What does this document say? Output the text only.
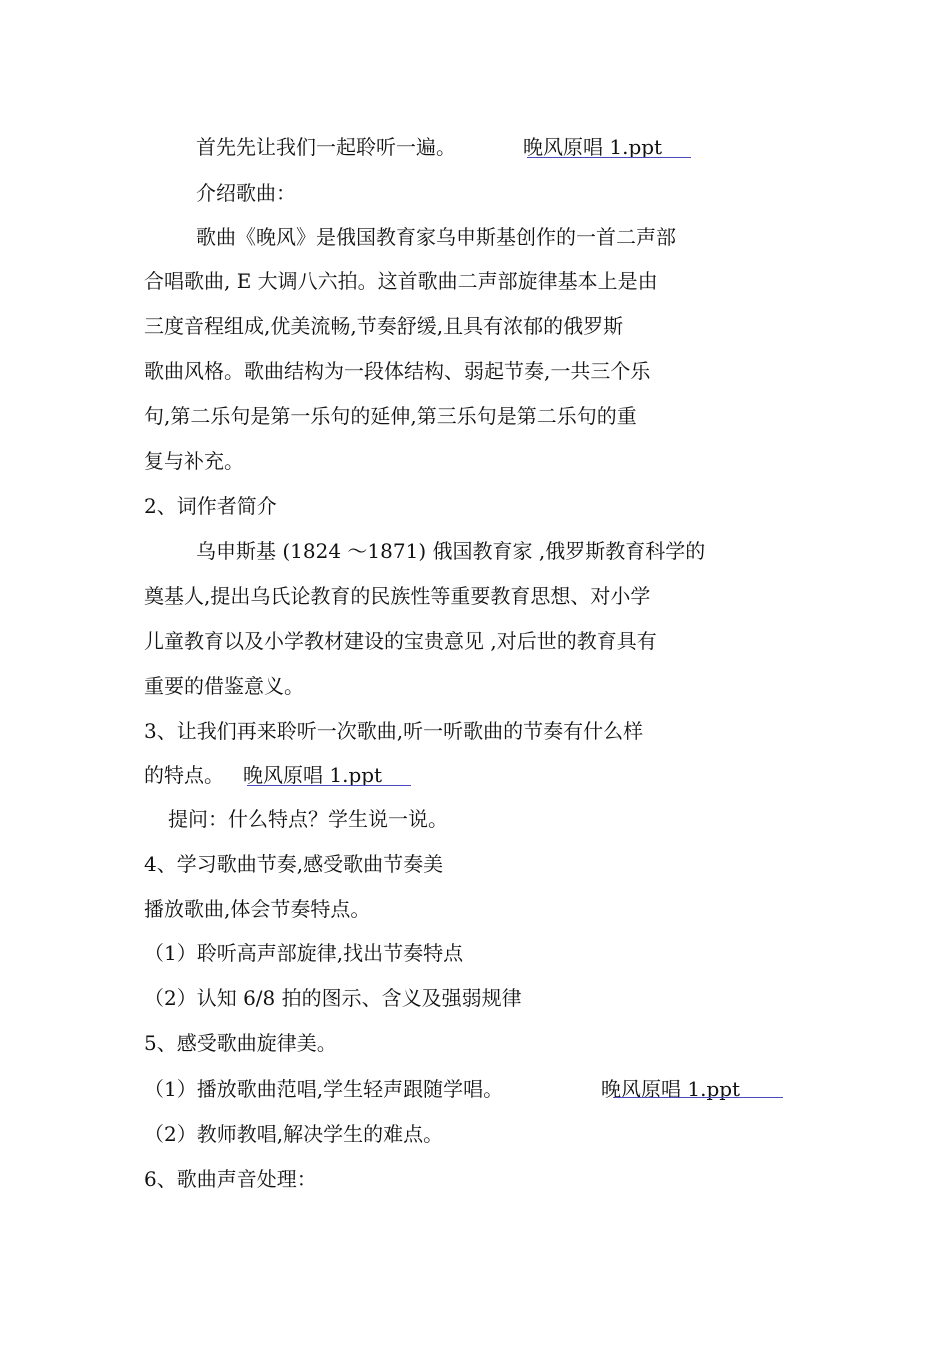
首先先让我们一起聆听一遍。	晚风原唱 1.ppt
介绍歌曲：
歌曲《晚风》是俄国教育家乌申斯基创作的一首二声部
合唱歌曲, E 大调八六拍。这首歌曲二声部旋律基本上是由
三度音程组成,优美流畅,节奏舒缓,且具有浓郁的俄罗斯
歌曲风格。歌曲结构为一段体结构、弱起节奏,一共三个乐
句,第二乐句是第一乐句的延伸,第三乐句是第二乐句的重
复与补充。
2、词作者简介
乌申斯基 (1824 ～1871) 俄国教育家 ,俄罗斯教育科学的
奠基人,提出乌氏论教育的民族性等重要教育思想、对小学
儿童教育以及小学教材建设的宝贵意见 ,对后世的教育具有
重要的借鉴意义。
3、让我们再来聆听一次歌曲,听一听歌曲的节奏有什么样
的特点。 晚风原唱 1.ppt
提问：什么特点？学生说一说。
4、学习歌曲节奏,感受歌曲节奏美
播放歌曲,体会节奏特点。
（1）聆听高声部旋律,找出节奏特点
（2）认知 6/8 拍的图示、含义及强弱规律
5、感受歌曲旋律美。
（1）播放歌曲范唱,学生轻声跟随学唱。	晚风原唱 1.ppt
（2）教师教唱,解决学生的难点。
6、歌曲声音处理：
